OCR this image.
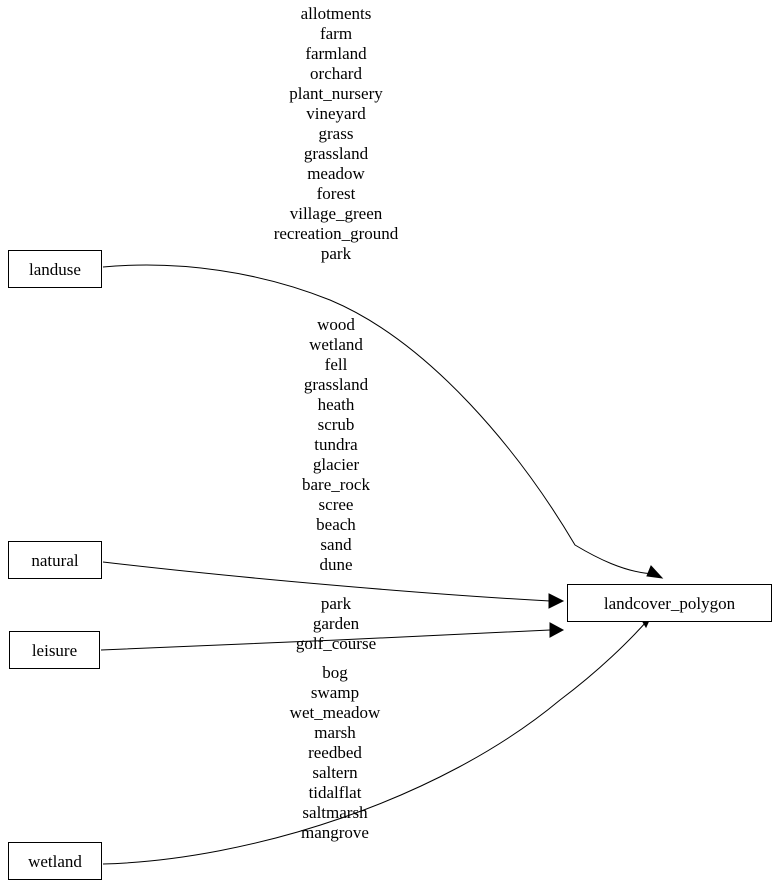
allotments
farm
farmland
orchard
plant_nursery
vineyard
grass
grassland
meadow
forest
village_green
recreation_ground
park
wood
wetland
fell
grassland
heath
scrub
tundra
glacier
bare_rock
scree
beach
sand
dune
park
garden
golf_course
bog
swamp
wet_meadow
marsh
reedbed
saltern
tidalflat
saltmarsh
mangrove
landuse
natural
leisure
wetland
landcover_polygon
